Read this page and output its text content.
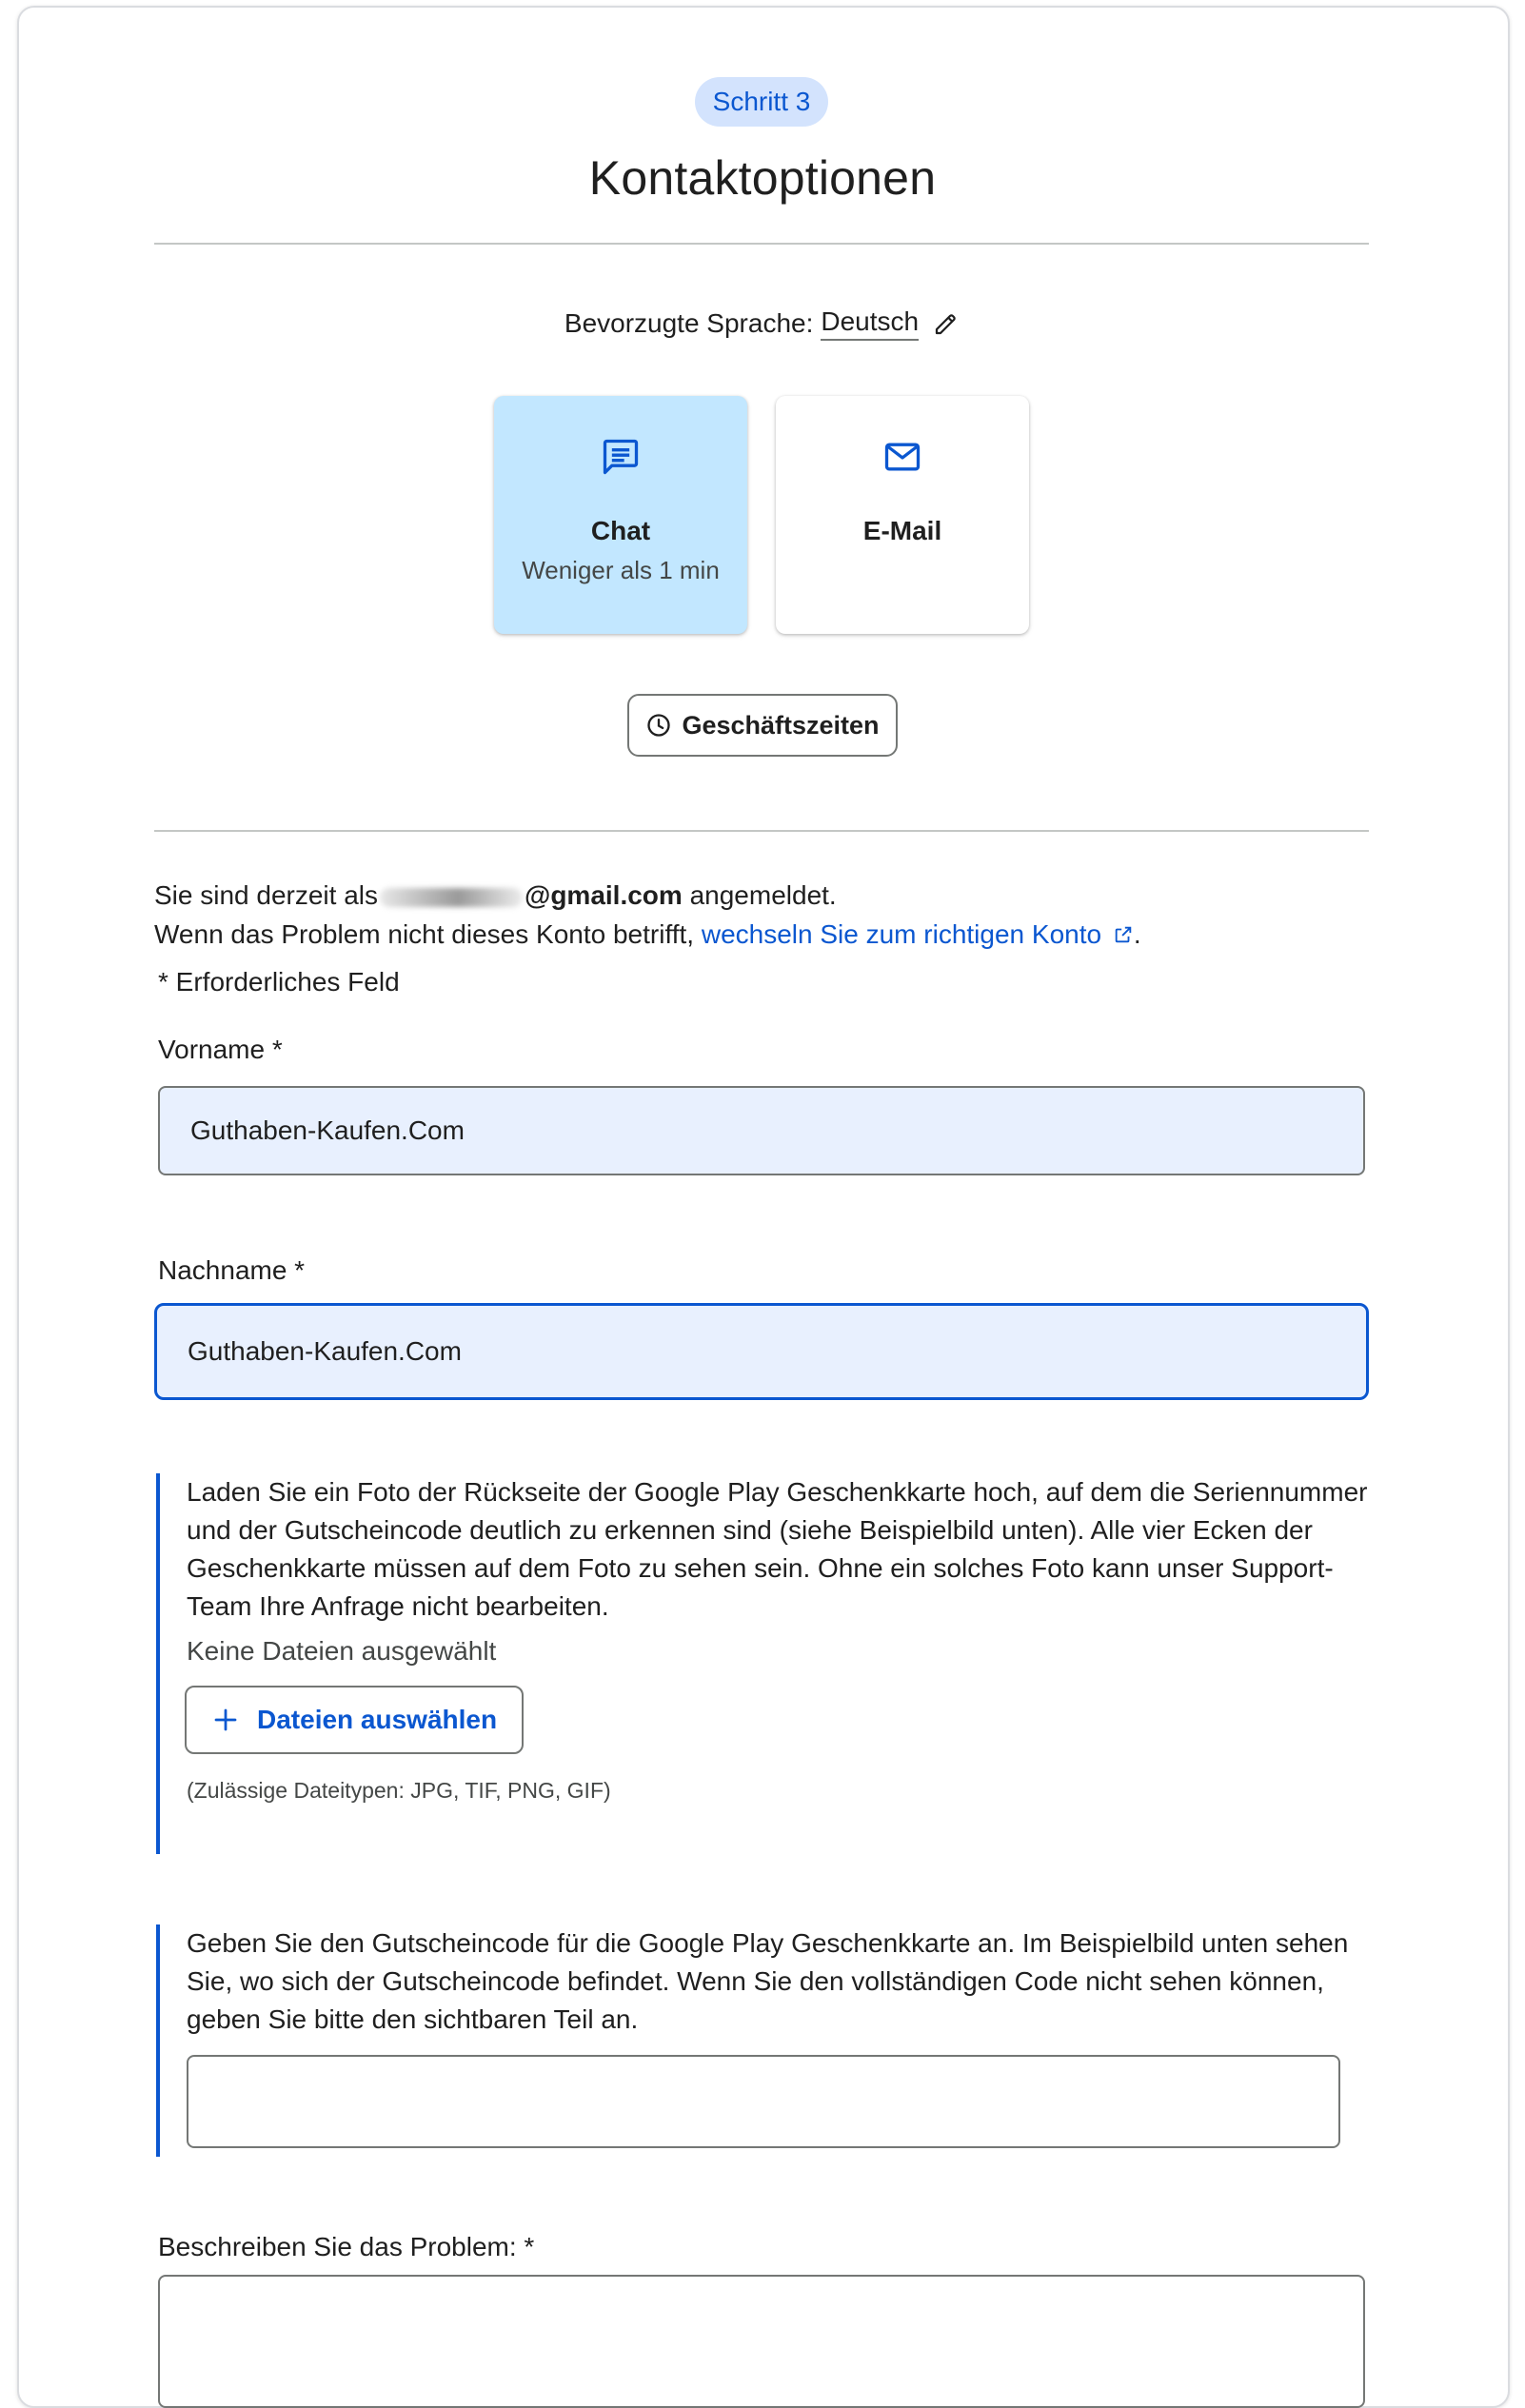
Schritt 3
Kontaktoptionen
Bevorzugte Sprache: Deutsch
Chat
Weniger als 1 min
E-Mail
Geschäftszeiten
Sie sind derzeit als	@gmail.com angemeldet.
Wenn das Problem nicht dieses Konto betrifft, wechseln Sie zum richtigen Konto .
* Erforderliches Feld
Vorname *
Guthaben-Kaufen.Com
Nachname *
Guthaben-Kaufen.Com
Laden Sie ein Foto der Rückseite der Google Play Geschenkkarte hoch, auf dem die Seriennummer und der Gutscheincode deutlich zu erkennen sind (siehe Beispielbild unten). Alle vier Ecken der Geschenkkarte müssen auf dem Foto zu sehen sein. Ohne ein solches Foto kann unser Support-Team Ihre Anfrage nicht bearbeiten.
Keine Dateien ausgewählt
Dateien auswählen
(Zulässige Dateitypen: JPG, TIF, PNG, GIF)
Geben Sie den Gutscheincode für die Google Play Geschenkkarte an. Im Beispielbild unten sehen Sie, wo sich der Gutscheincode befindet. Wenn Sie den vollständigen Code nicht sehen können, geben Sie bitte den sichtbaren Teil an.
Beschreiben Sie das Problem: *
